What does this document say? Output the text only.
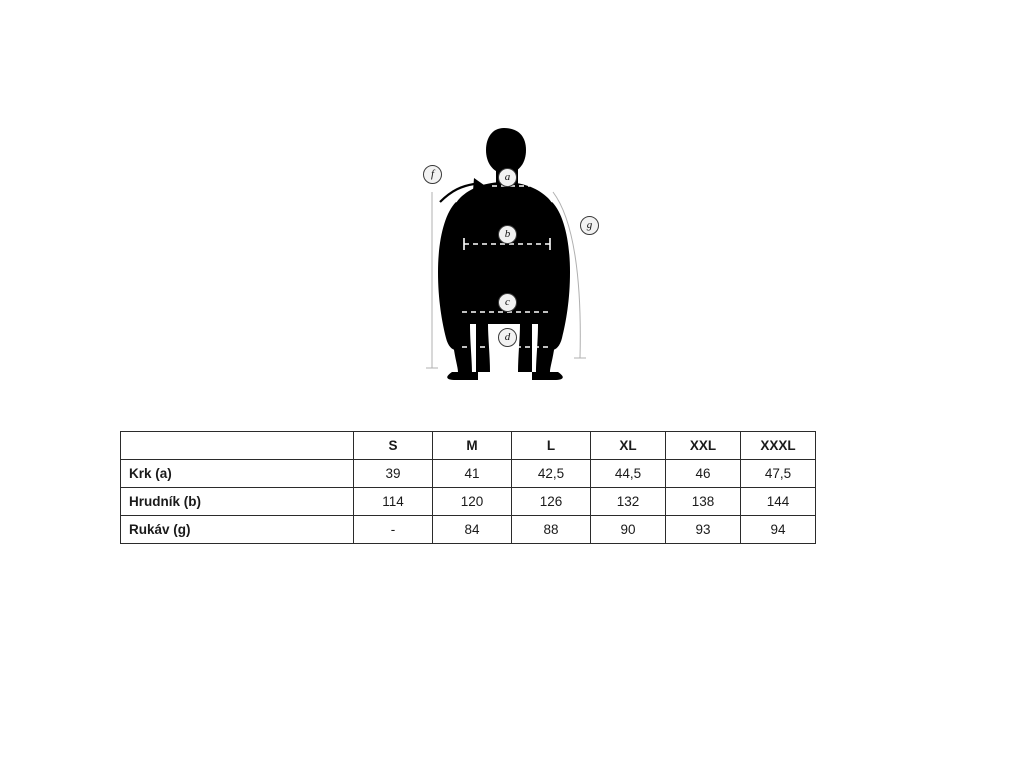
f	a
g
b
c
d
	S	M	L	XL	XXL	XXXL
Krk (a)	39	41	42,5	44,5	46	47,5
Hrudník (b)	114	120	126	132	138	144
Rukáv (g)	-	84	88	90	93	94
